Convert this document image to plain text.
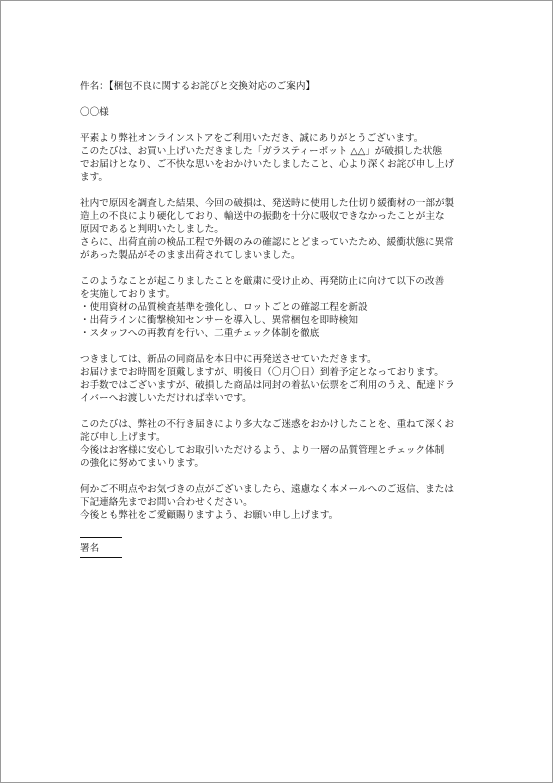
件名：【梱包不良に関するお詫びと交換対応のご案内】

〇〇様

平素より弊社オンラインストアをご利用いただき、誠にありがとうございます。
このたびは、お買い上げいただきました「ガラスティーポット △△」が破損した状態
でお届けとなり、ご不快な思いをおかけいたしましたこと、心より深くお詫び申し上げ
ます。
社内で原因を調査した結果、今回の破損は、発送時に使用した仕切り緩衝材の一部が製
造上の不良により硬化しており、輸送中の振動を十分に吸収できなかったことが主な
原因であると判明いたしました。
さらに、出荷直前の検品工程で外観のみの確認にとどまっていたため、緩衝状態に異常
があった製品がそのまま出荷されてしまいました。
このようなことが起こりましたことを厳粛に受け止め、再発防止に向けて以下の改善
を実施しております。
・使用資材の品質検査基準を強化し、ロットごとの確認工程を新設
・出荷ラインに衝撃検知センサーを導入し、異常梱包を即時検知
・スタッフへの再教育を行い、二重チェック体制を徹底
つきましては、新品の同商品を本日中に再発送させていただきます。
お届けまでお時間を頂戴しますが、明後日（〇月〇日）到着予定となっております。
お手数ではございますが、破損した商品は同封の着払い伝票をご利用のうえ、配達ドラ
イバーへお渡しいただければ幸いです。
このたびは、弊社の不行き届きにより多大なご迷惑をおかけしたことを、重ねて深くお
詫び申し上げます。
今後はお客様に安心してお取引いただけるよう、より一層の品質管理とチェック体制
の強化に努めてまいります。
何かご不明点やお気づきの点がございましたら、遠慮なく本メールへのご返信、または
下記連絡先までお問い合わせください。
今後とも弊社をご愛顧賜りますよう、お願い申し上げます。

署名
